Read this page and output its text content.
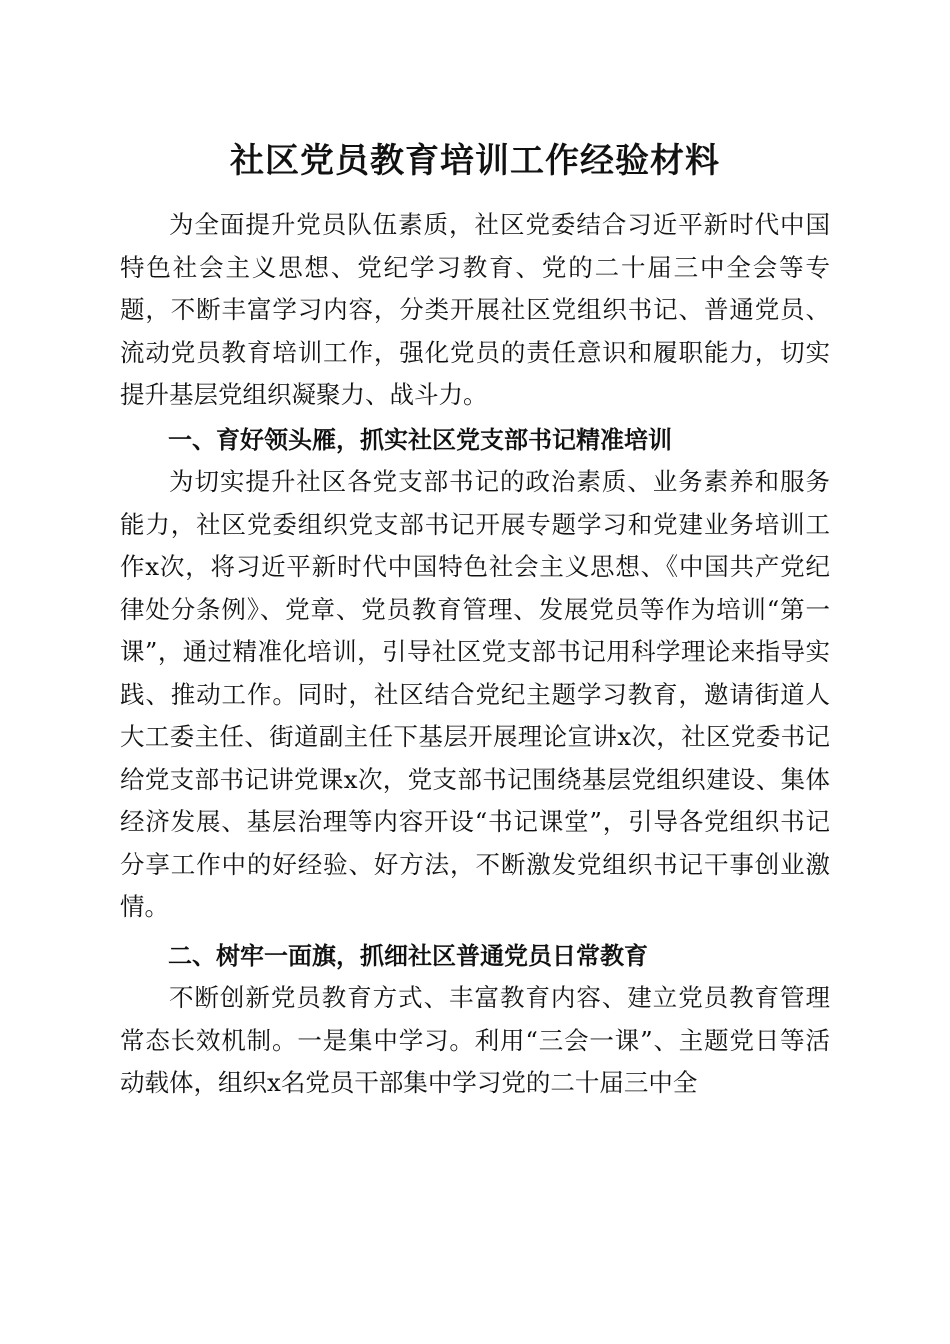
社区党员教育培训工作经验材料

为全面提升党员队伍素质，社区党委结合习近平新时代中国特色社会主义思想、党纪学习教育、党的二十届三中全会等专题，不断丰富学习内容，分类开展社区党组织书记、普通党员、流动党员教育培训工作，强化党员的责任意识和履职能力，切实提升基层党组织凝聚力、战斗力。

一、育好领头雁，抓实社区党支部书记精准培训

为切实提升社区各党支部书记的政治素质、业务素养和服务能力，社区党委组织党支部书记开展专题学习和党建业务培训工作x次，将习近平新时代中国特色社会主义思想、《中国共产党纪律处分条例》、党章、党员教育管理、发展党员等作为培训“第一课”，通过精准化培训，引导社区党支部书记用科学理论来指导实践、推动工作。同时，社区结合党纪主题学习教育，邀请街道人大工委主任、街道副主任下基层开展理论宣讲x次，社区党委书记给党支部书记讲党课x次，党支部书记围绕基层党组织建设、集体经济发展、基层治理等内容开设“书记课堂”，引导各党组织书记分享工作中的好经验、好方法，不断激发党组织书记干事创业激情。

二、树牢一面旗，抓细社区普通党员日常教育

不断创新党员教育方式、丰富教育内容、建立党员教育管理常态长效机制。一是集中学习。利用“三会一课”、主题党日等活动载体，组织x名党员干部集中学习党的二十届三中全
